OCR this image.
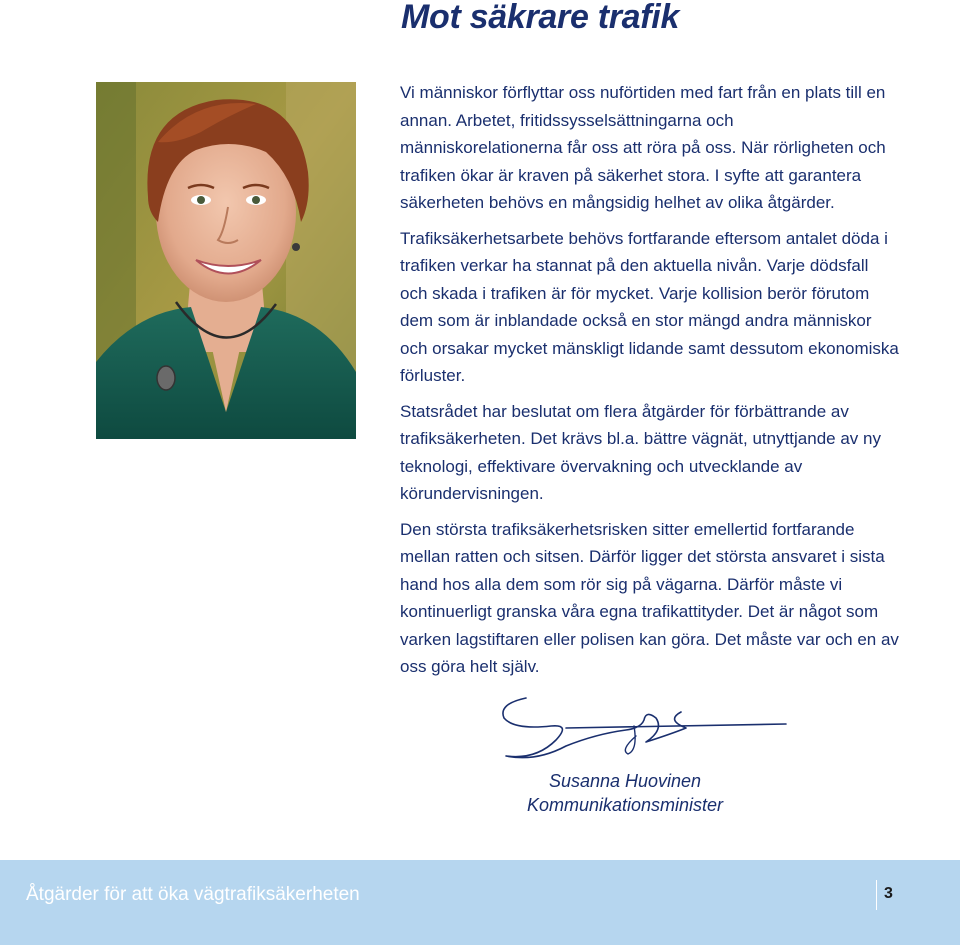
Mot säkrare trafik

Vi människor förflyttar oss nuförtiden med fart från en plats till en annan. Arbetet, fritidssysselsättningarna och människorelationerna får oss att röra på oss. När rörligheten och trafiken ökar är kraven på säkerhet stora. I syfte att garantera säkerheten behövs en mångsidig helhet av olika åtgärder.

Trafiksäkerhetsarbete behövs fortfarande eftersom antalet döda i trafiken verkar ha stannat på den aktuella nivån. Varje dödsfall och skada i trafiken är för mycket. Varje kollision berör förutom dem som är inblandade också en stor mängd andra människor och orsakar mycket mänskligt lidande samt dessutom ekonomiska förluster.

Statsrådet har beslutat om flera åtgärder för förbättrande av trafiksäkerheten. Det krävs bl.a. bättre vägnät, utnyttjande av ny teknologi, effektivare övervakning och utvecklande av körundervisningen.

Den största trafiksäkerhetsrisken sitter emellertid fortfarande mellan ratten och sitsen. Därför ligger det största ansvaret i sista hand hos alla dem som rör sig på vägarna. Därför måste vi kontinuerligt granska våra egna trafikattityder. Det är något som varken lagstiftaren eller polisen kan göra. Det måste var och en av oss göra helt själv.

Susanna Huovinen
Kommunikationsminister
Åtgärder för att öka vägtrafiksäkerheten	3
